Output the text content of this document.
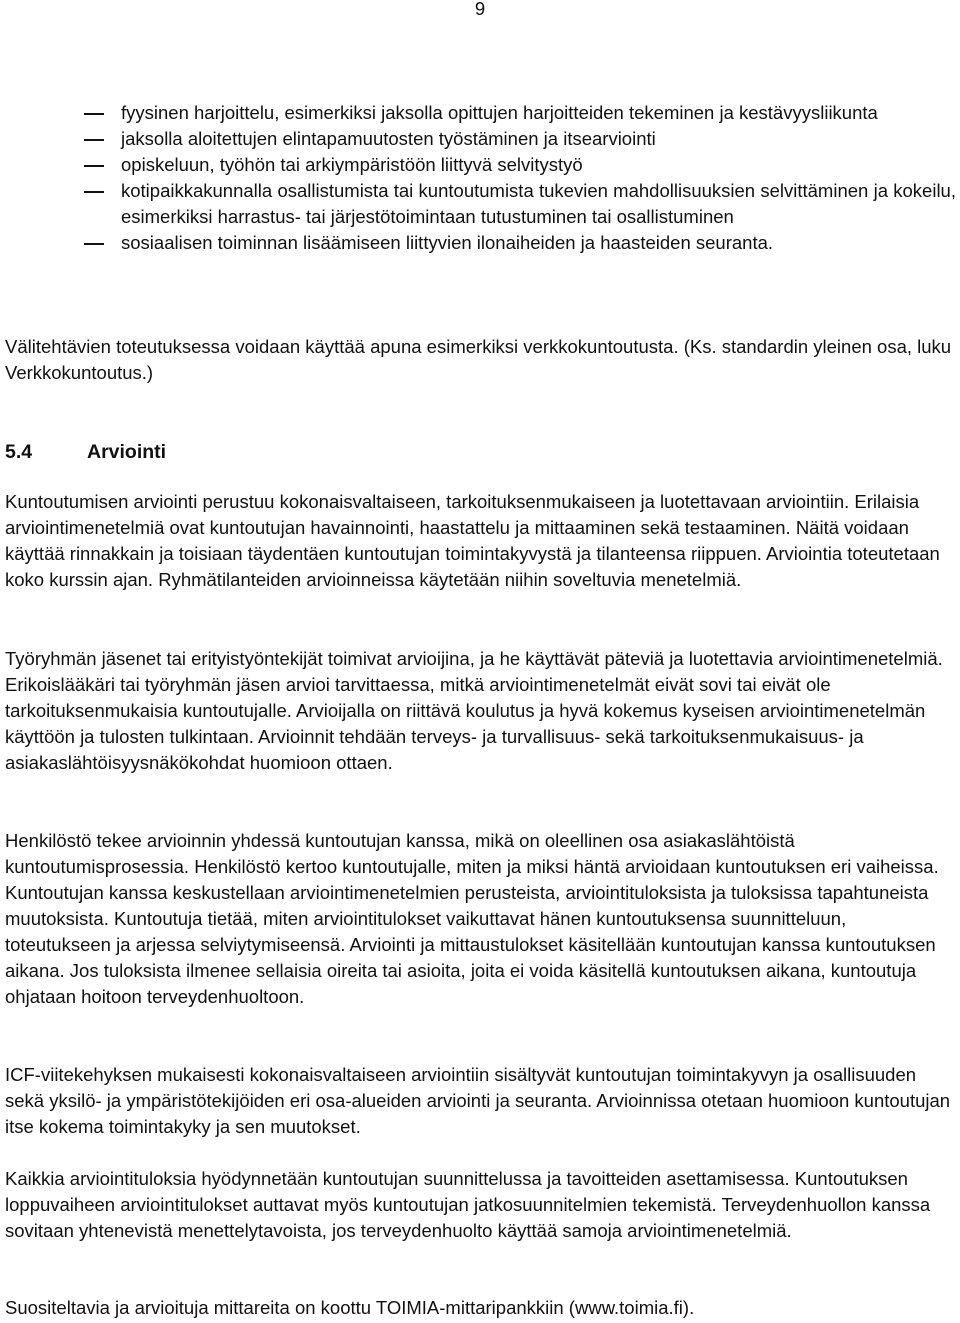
9
fyysinen harjoittelu, esimerkiksi jaksolla opittujen harjoitteiden tekeminen ja kestävyysliikunta
jaksolla aloitettujen elintapamuutosten työstäminen ja itsearviointi
opiskeluun, työhön tai arkiympäristöön liittyvä selvitystyö
kotipaikkakunnalla osallistumista tai kuntoutumista tukevien mahdollisuuksien selvittäminen ja kokeilu, esimerkiksi harrastus- tai järjestötoimintaan tutustuminen tai osallistuminen
sosiaalisen toiminnan lisäämiseen liittyvien ilonaiheiden ja haasteiden seuranta.

Välitehtävien toteutuksessa voidaan käyttää apuna esimerkiksi verkkokuntoutusta. (Ks. standardin yleinen osa, luku Verkkokuntoutus.)

5.4	Arviointi

Kuntoutumisen arviointi perustuu kokonaisvaltaiseen, tarkoituksenmukaiseen ja luotettavaan arviointiin. Erilaisia arviointimenetelmiä ovat kuntoutujan havainnointi, haastattelu ja mittaaminen sekä testaaminen. Näitä voidaan käyttää rinnakkain ja toisiaan täydentäen kuntoutujan toimintakyvystä ja tilanteensa riippuen. Arviointia toteutetaan koko kurssin ajan. Ryhmätilanteiden arvioinneissa käytetään niihin soveltuvia menetelmiä.

Työryhmän jäsenet tai erityistyöntekijät toimivat arvioijina, ja he käyttävät päteviä ja luotettavia arviointimenetelmiä. Erikoislääkäri tai työryhmän jäsen arvioi tarvittaessa, mitkä arviointimenetelmät eivät sovi tai eivät ole tarkoituksenmukaisia kuntoutujalle. Arvioijalla on riittävä koulutus ja hyvä kokemus kyseisen arviointimenetelmän käyttöön ja tulosten tulkintaan. Arvioinnit tehdään terveys- ja turvallisuus- sekä tarkoituksenmukaisuus- ja asiakaslähtöisyysnäkökohdat huomioon ottaen.

Henkilöstö tekee arvioinnin yhdessä kuntoutujan kanssa, mikä on oleellinen osa asiakaslähtöistä kuntoutumisprosessia. Henkilöstö kertoo kuntoutujalle, miten ja miksi häntä arvioidaan kuntoutuksen eri vaiheissa. Kuntoutujan kanssa keskustellaan arviointimenetelmien perusteista, arviointituloksista ja tuloksissa tapahtuneista muutoksista. Kuntoutuja tietää, miten arviointitulokset vaikuttavat hänen kuntoutuksensa suunnitteluun, toteutukseen ja arjessa selviytymiseensä. Arviointi ja mittaustulokset käsitellään kuntoutujan kanssa kuntoutuksen aikana. Jos tuloksista ilmenee sellaisia oireita tai asioita, joita ei voida käsitellä kuntoutuksen aikana, kuntoutuja ohjataan hoitoon terveydenhuoltoon.

ICF-viitekehyksen mukaisesti kokonaisvaltaiseen arviointiin sisältyvät kuntoutujan toimintakyvyn ja osallisuuden sekä yksilö- ja ympäristötekijöiden eri osa-alueiden arviointi ja seuranta. Arvioinnissa otetaan huomioon kuntoutujan itse kokema toimintakyky ja sen muutokset.

Kaikkia arviointituloksia hyödynnetään kuntoutujan suunnittelussa ja tavoitteiden asettamisessa. Kuntoutuksen loppuvaiheen arviointitulokset auttavat myös kuntoutujan jatkosuunnitelmien tekemistä. Terveydenhuollon kanssa sovitaan yhtenevistä menettelytavoista, jos terveydenhuolto käyttää samoja arviointimenetelmiä.

Suositeltavia ja arvioituja mittareita on koottu TOIMIA-mittaripankkiin (www.toimia.fi).
